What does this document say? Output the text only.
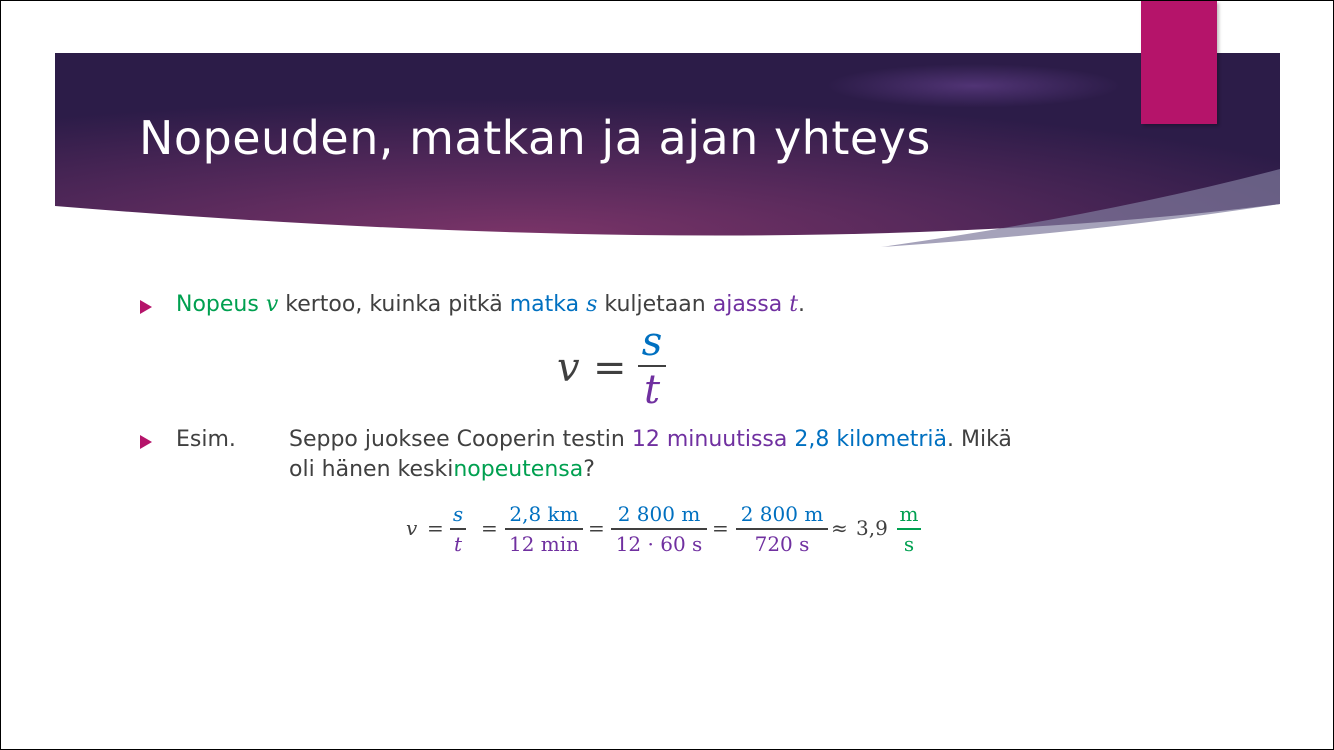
Nopeuden, matkan ja ajan yhteys
Nopeus v kertoo, kuinka pitkä matka s kuljetaan ajassa t.
v =
s
t
Esim. Seppo juoksee Cooperin testin 12 minuutissa 2,8 kilometriä. Mikä
oli hänen keskinopeutensa?
v =
s
t
=
2,8 km
12 min
=
2 800 m
12 · 60 s
=
2 800 m
720 s
≈ 3,9
m
s
